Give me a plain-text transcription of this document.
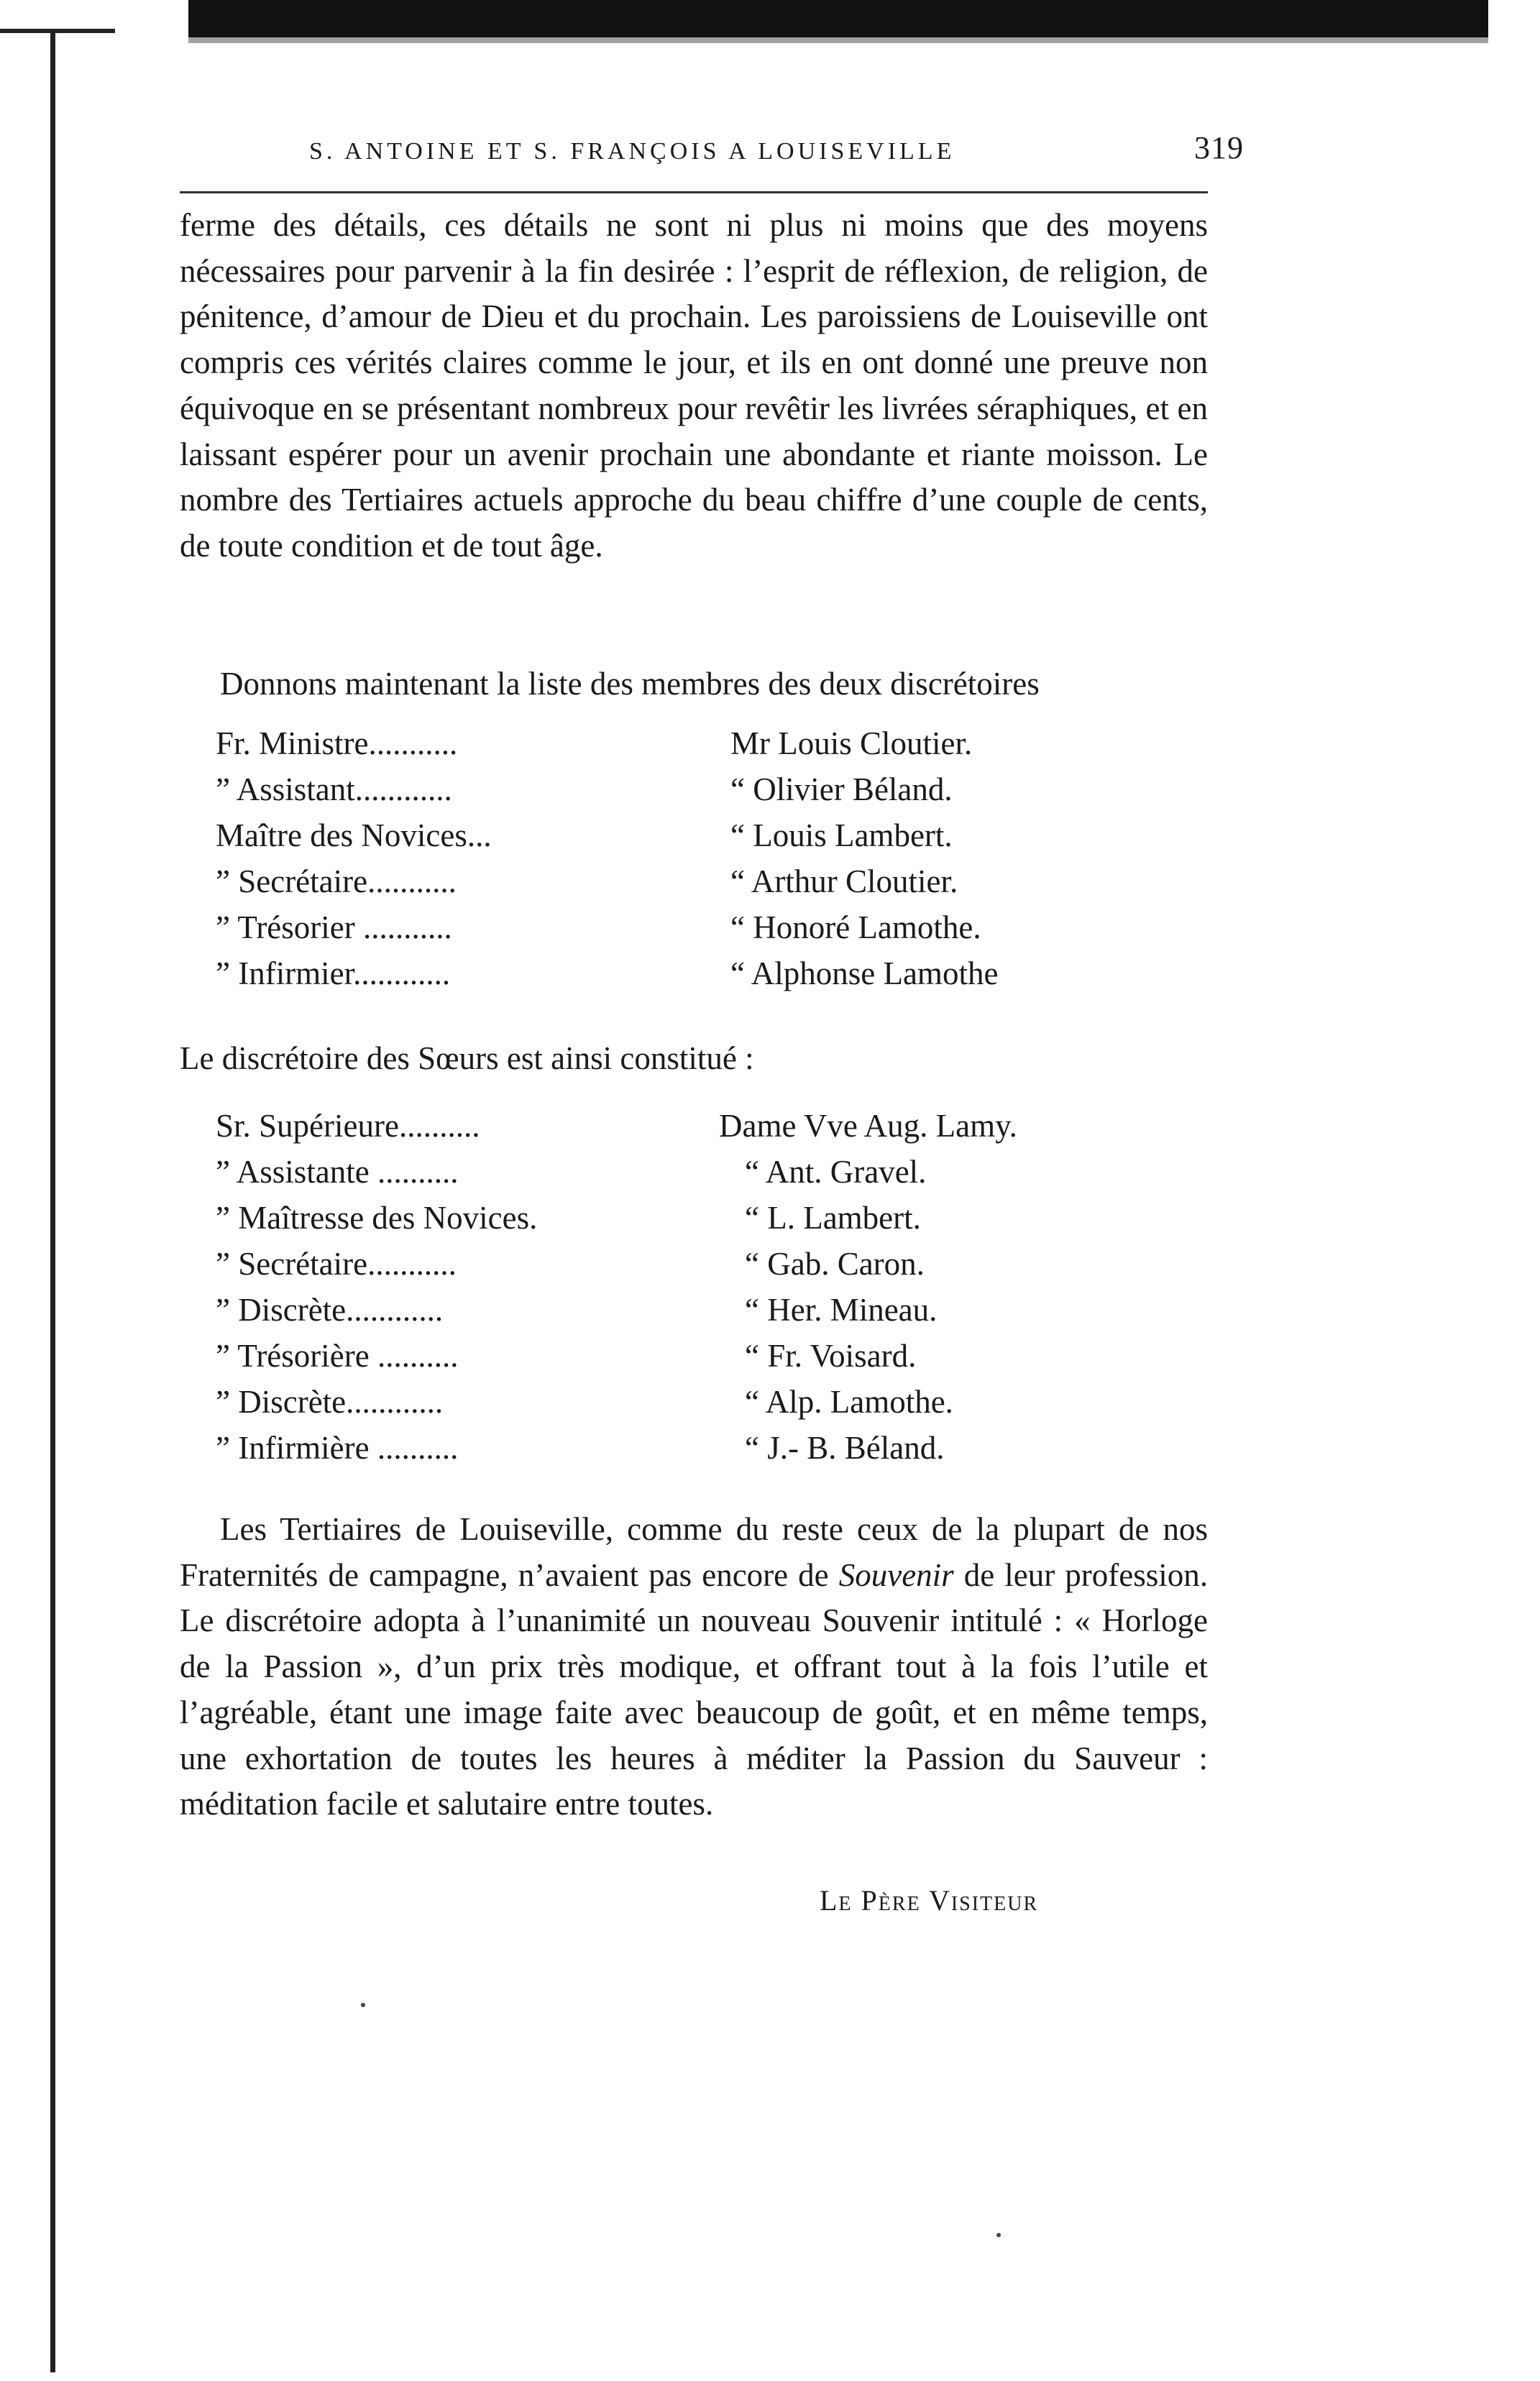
S. ANTOINE ET S. FRANÇOIS A LOUISEVILLE	319

ferme des détails, ces détails ne sont ni plus ni moins que des moyens nécessaires pour parvenir à la fin desirée : l’esprit de réflexion, de religion, de pénitence, d’amour de Dieu et du prochain. Les paroissiens de Louiseville ont compris ces vérités claires comme le jour, et ils en ont donné une preuve non équivoque en se présentant nombreux pour revêtir les livrées séraphiques, et en laissant espérer pour un avenir prochain une abondante et riante moisson. Le nombre des Tertiaires actuels approche du beau chiffre d’une couple de cents, de toute condition et de tout âge.

Donnons maintenant la liste des membres des deux discrétoires

Fr. Ministre...........	Mr Louis Cloutier.
” Assistant............	“ Olivier Béland.
Maître des Novices...	“ Louis Lambert.
” Secrétaire...........	“ Arthur Cloutier.
” Trésorier ...........	“ Honoré Lamothe.
” Infirmier............	“ Alphonse Lamothe

Le discrétoire des Sœurs est ainsi constitué :

Sr. Supérieure..........	Dame Vve Aug. Lamy.
” Assistante ..........	“ Ant. Gravel.
” Maîtresse des Novices.	“ L. Lambert.
” Secrétaire...........	“ Gab. Caron.
” Discrète............	“ Her. Mineau.
” Trésorière ..........	“ Fr. Voisard.
” Discrète............	“ Alp. Lamothe.
” Infirmière ..........	“ J.- B. Béland.

Les Tertiaires de Louiseville, comme du reste ceux de la plupart de nos Fraternités de campagne, n’avaient pas encore de Souvenir de leur profession. Le discrétoire adopta à l’unanimité un nouveau Souvenir intitulé : « Horloge de la Passion », d’un prix très modique, et offrant tout à la fois l’utile et l’agréable, étant une image faite avec beaucoup de goût, et en même temps, une exhortation de toutes les heures à méditer la Passion du Sauveur : méditation facile et salutaire entre toutes.

Le Père Visiteur
